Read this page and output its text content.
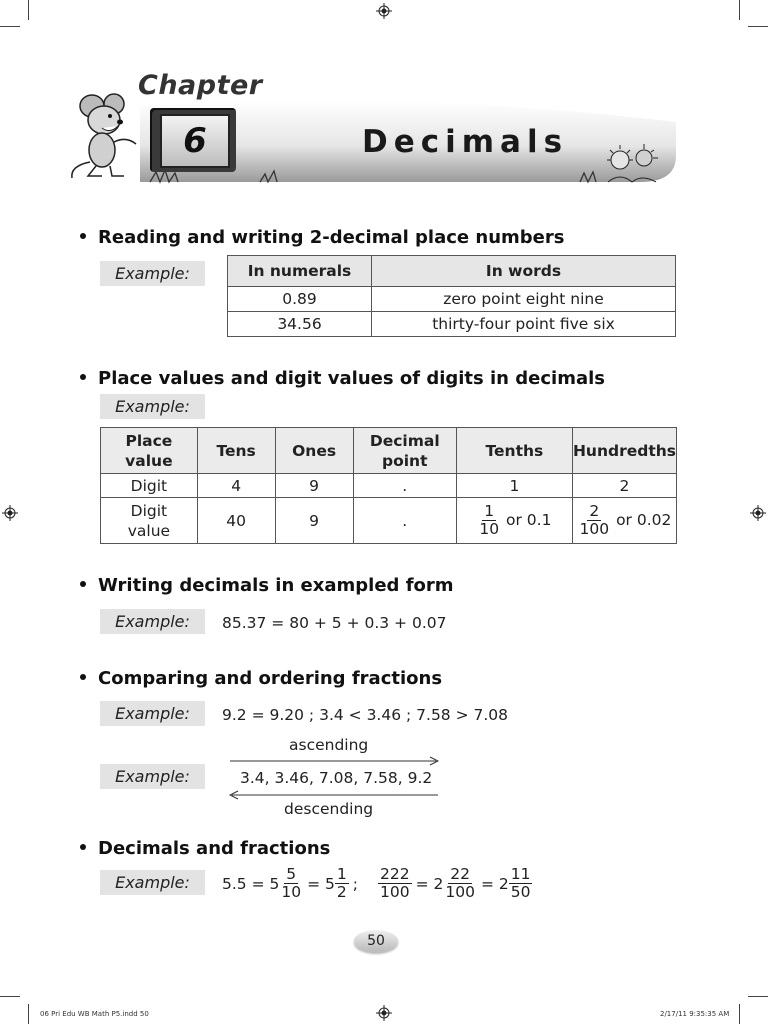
Chapter
6	Decimals
Reading and writing 2-decimal place numbers
Example:	In numerals	In words
0.89	zero point eight nine
34.56	thirty-four point five six
Place values and digit values of digits in decimals
Example:
Place value	Tens	Ones	Decimal point	Tenths	Hundredths
Digit	4	9	.	1	2
Digit value	40	9	.	$\frac{1}{10}$ or 0.1	$\frac{2}{100}$ or 0.02
Writing decimals in exampled form
Example:	85.37 = 80 + 5 + 0.3 + 0.07
Comparing and ordering fractions
Example:	9.2 = 9.20 ; 3.4 < 3.46 ; 7.58 > 7.08
ascending
Example:	3.4, 3.46, 7.08, 7.58, 9.2
descending
Decimals and fractions
Example:	$5.5 = 5 \frac{5}{10} = 5 \frac{1}{2}$ ; $\frac{222}{100} = 2 \frac{22}{100} = 2 \frac{11}{50}$
50
06 Pri Edu WB Math P5.indd 50	2/17/11 9:35:35 AM
